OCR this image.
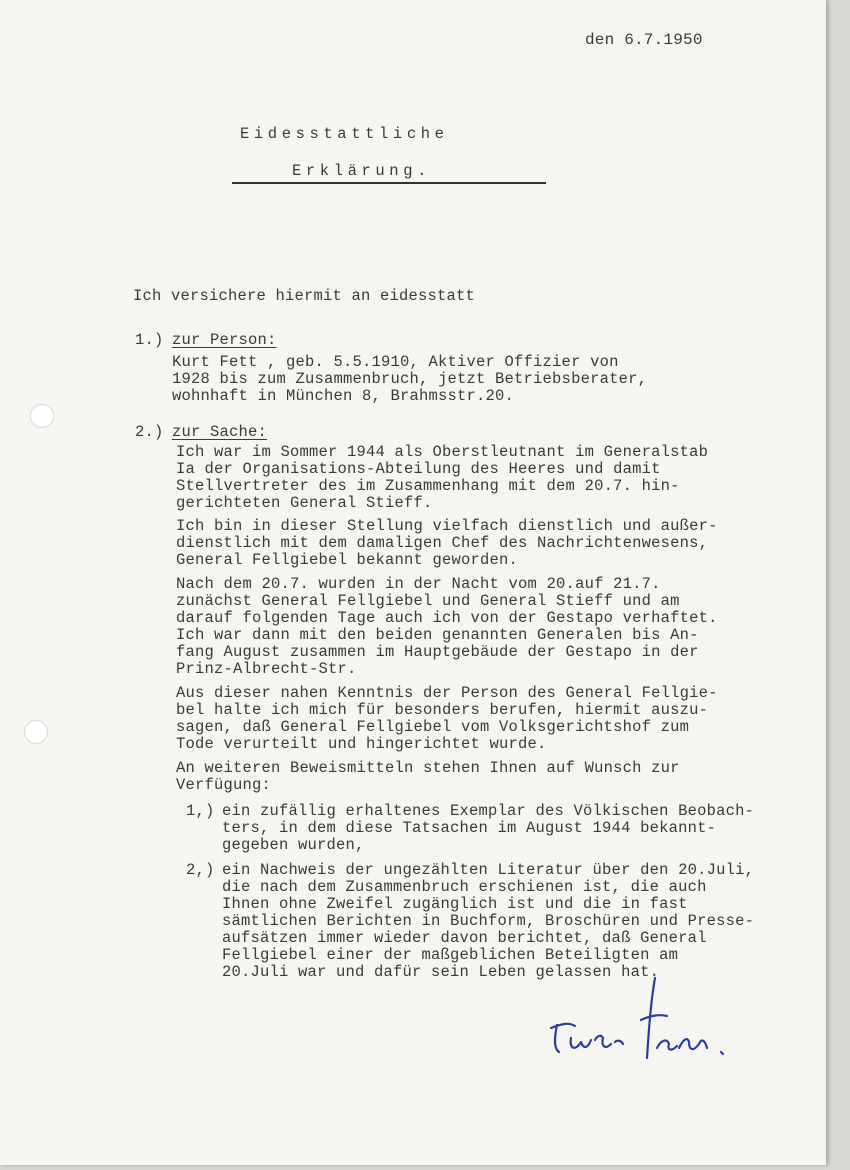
den 6.7.1950
Eidesstattliche
Erklärung.
Ich versichere hiermit an eidesstatt
1.) zur Person:
Kurt Fett , geb. 5.5.1910, Aktiver Offizier von
1928 bis zum Zusammenbruch, jetzt Betriebsberater,
wohnhaft in München 8, Brahmsstr.20.
2.) zur Sache:
Ich war im Sommer 1944 als Oberstleutnant im Generalstab
Ia der Organisations-Abteilung des Heeres und damit
Stellvertreter des im Zusammenhang mit dem 20.7. hin-
gerichteten General Stieff.
Ich bin in dieser Stellung vielfach dienstlich und außer-
dienstlich mit dem damaligen Chef des Nachrichtenwesens,
General Fellgiebel bekannt geworden.
Nach dem 20.7. wurden in der Nacht vom 20.auf 21.7.
zunächst General Fellgiebel und General Stieff und am
darauf folgenden Tage auch ich von der Gestapo verhaftet.
Ich war dann mit den beiden genannten Generalen bis An-
fang August zusammen im Hauptgebäude der Gestapo in der
Prinz-Albrecht-Str.
Aus dieser nahen Kenntnis der Person des General Fellgie-
bel halte ich mich für besonders berufen, hiermit auszu-
sagen, daß General Fellgiebel vom Volksgerichtshof zum
Tode verurteilt und hingerichtet wurde.
An weiteren Beweismitteln stehen Ihnen auf Wunsch zur
Verfügung:
1,) ein zufällig erhaltenes Exemplar des Völkischen Beobach-
ters, in dem diese Tatsachen im August 1944 bekannt-
gegeben wurden,
2,) ein Nachweis der ungezählten Literatur über den 20.Juli,
die nach dem Zusammenbruch erschienen ist, die auch
Ihnen ohne Zweifel zugänglich ist und die in fast
sämtlichen Berichten in Buchform, Broschüren und Presse-
aufsätzen immer wieder davon berichtet, daß General
Fellgiebel einer der maßgeblichen Beteiligten am
20.Juli war und dafür sein Leben gelassen hat.
